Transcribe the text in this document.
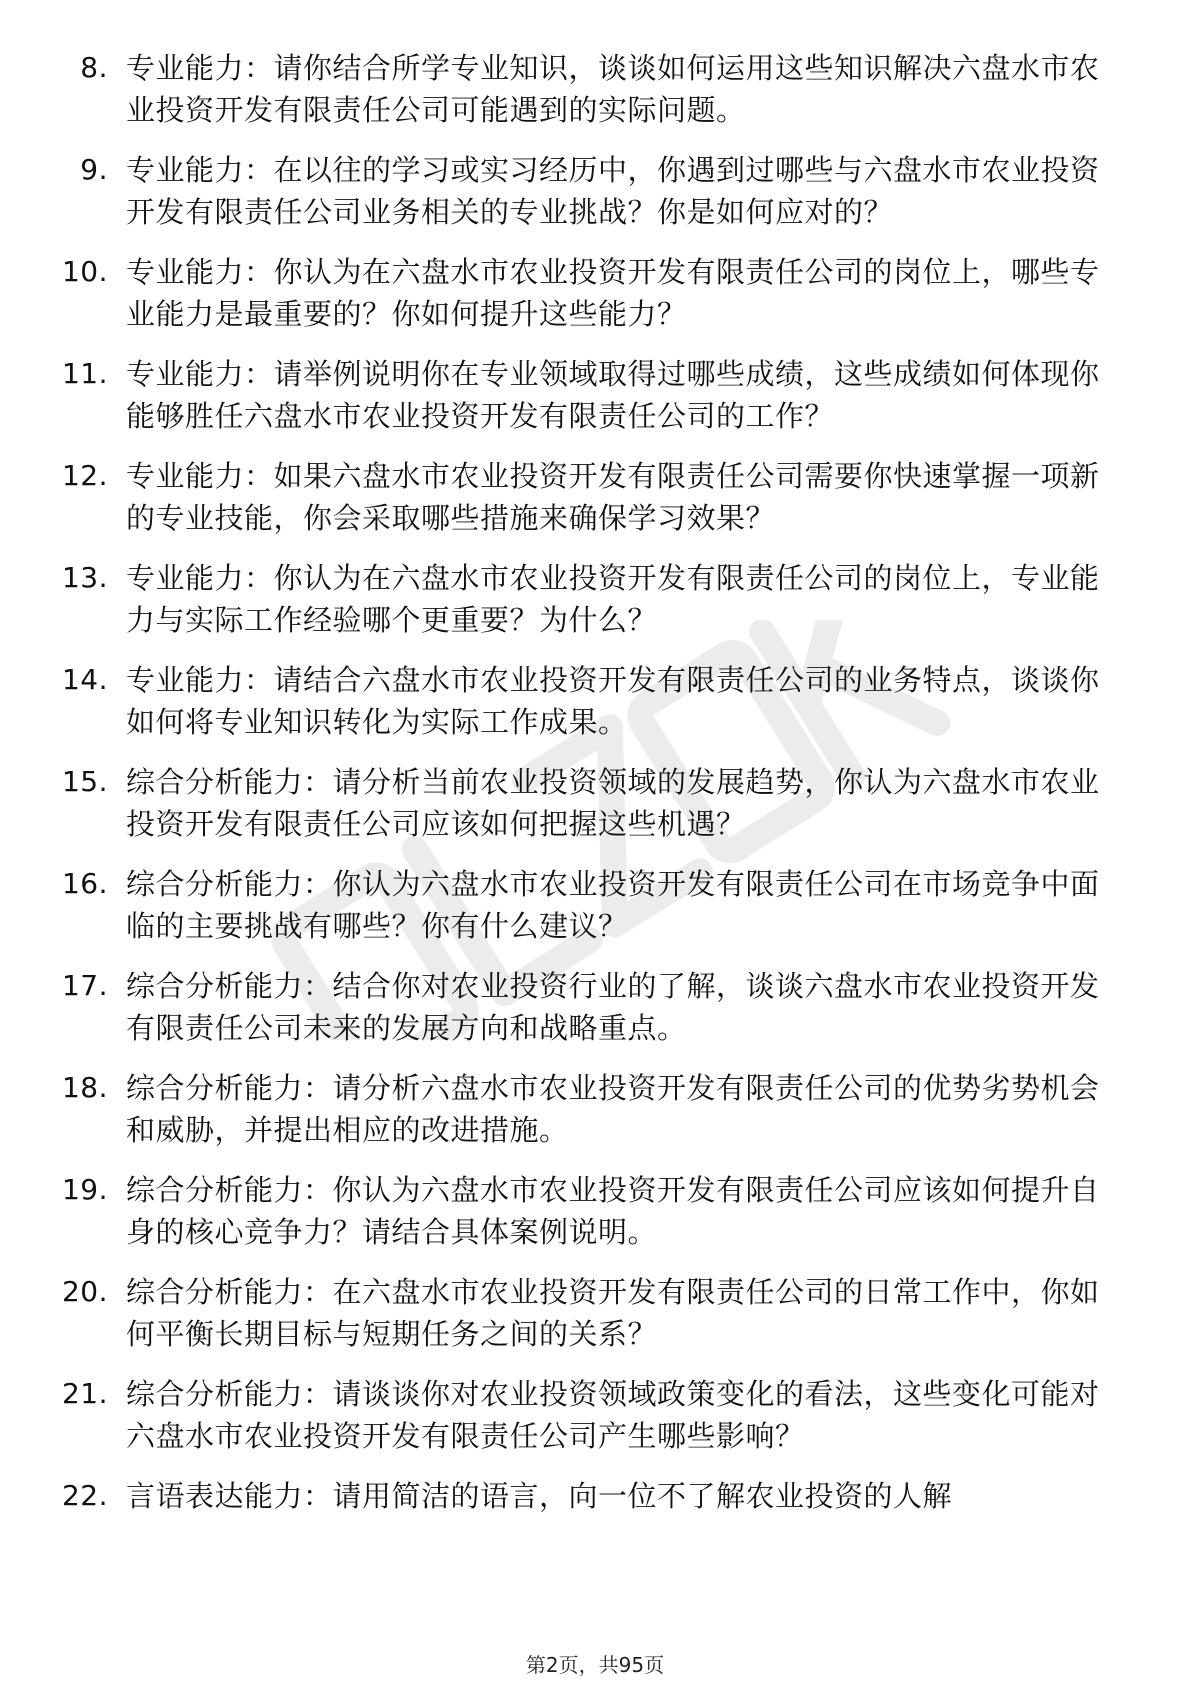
8. 专业能力：请你结合所学专业知识，谈谈如何运用这些知识解决六盘水市农业投资开发有限责任公司可能遇到的实际问题。
9. 专业能力：在以往的学习或实习经历中，你遇到过哪些与六盘水市农业投资开发有限责任公司业务相关的专业挑战？你是如何应对的？
10. 专业能力：你认为在六盘水市农业投资开发有限责任公司的岗位上，哪些专业能力是最重要的？你如何提升这些能力？
11. 专业能力：请举例说明你在专业领域取得过哪些成绩，这些成绩如何体现你能够胜任六盘水市农业投资开发有限责任公司的工作？
12. 专业能力：如果六盘水市农业投资开发有限责任公司需要你快速掌握一项新的专业技能，你会采取哪些措施来确保学习效果？
13. 专业能力：你认为在六盘水市农业投资开发有限责任公司的岗位上，专业能力与实际工作经验哪个更重要？为什么？
14. 专业能力：请结合六盘水市农业投资开发有限责任公司的业务特点，谈谈你如何将专业知识转化为实际工作成果。
15. 综合分析能力：请分析当前农业投资领域的发展趋势，你认为六盘水市农业投资开发有限责任公司应该如何把握这些机遇？
16. 综合分析能力：你认为六盘水市农业投资开发有限责任公司在市场竞争中面临的主要挑战有哪些？你有什么建议？
17. 综合分析能力：结合你对农业投资行业的了解，谈谈六盘水市农业投资开发有限责任公司未来的发展方向和战略重点。
18. 综合分析能力：请分析六盘水市农业投资开发有限责任公司的优势劣势机会和威胁，并提出相应的改进措施。
19. 综合分析能力：你认为六盘水市农业投资开发有限责任公司应该如何提升自身的核心竞争力？请结合具体案例说明。
20. 综合分析能力：在六盘水市农业投资开发有限责任公司的日常工作中，你如何平衡长期目标与短期任务之间的关系？
21. 综合分析能力：请谈谈你对农业投资领域政策变化的看法，这些变化可能对六盘水市农业投资开发有限责任公司产生哪些影响？
22. 言语表达能力：请用简洁的语言，向一位不了解农业投资的人解
第2页，共95页
